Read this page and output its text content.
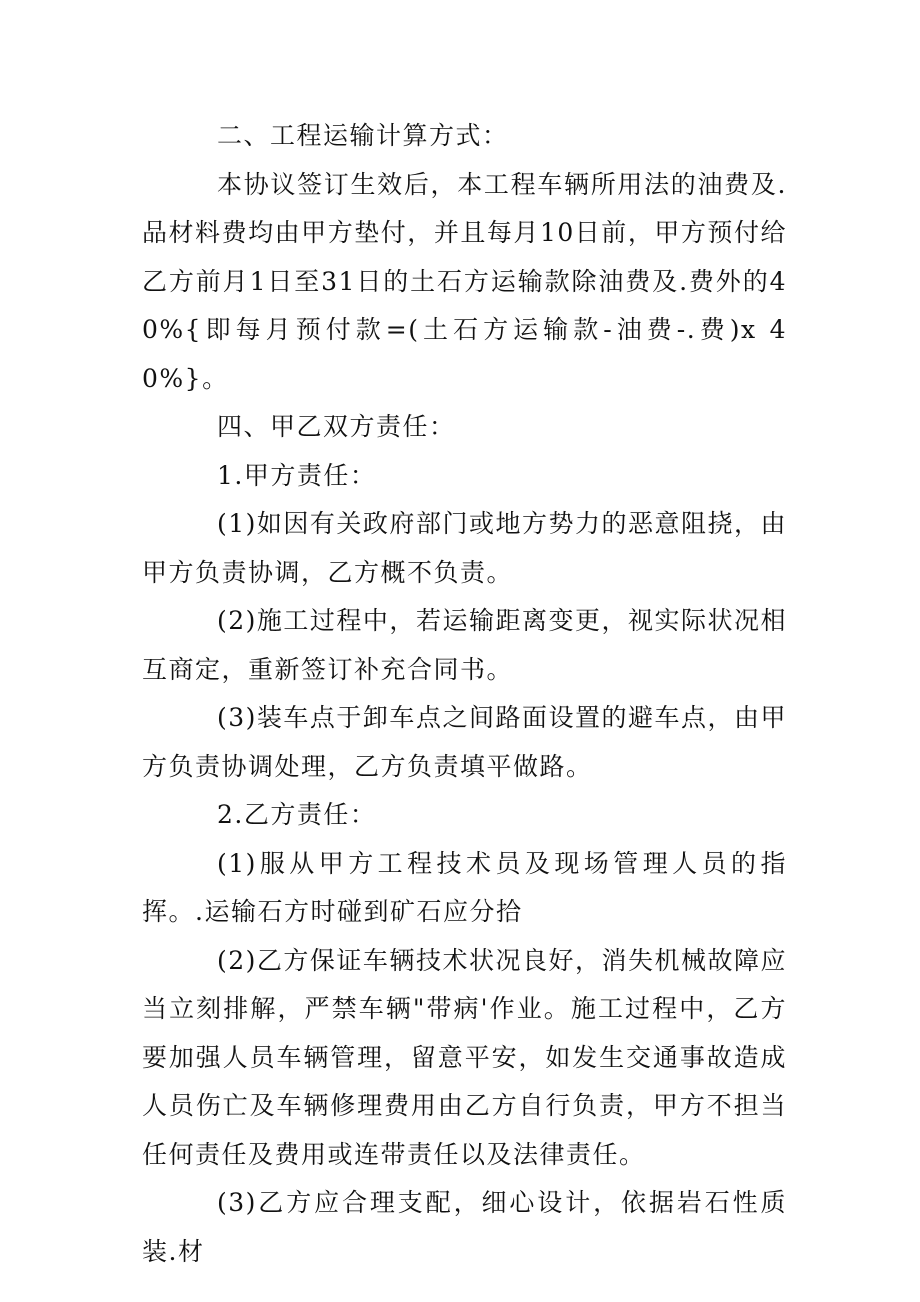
二、工程运输计算方式：

本协议签订生效后，本工程车辆所用法的油费及.品材料费均由甲方垫付，并且每月10日前，甲方预付给乙方前月1日至31日的土石方运输款除油费及.费外的40%{即每月预付款=(土石方运输款-油费-.费)x 40%}。

四、甲乙双方责任：

1.甲方责任：

(1)如因有关政府部门或地方势力的恶意阻挠，由甲方负责协调，乙方概不负责。

(2)施工过程中，若运输距离变更，视实际状况相互商定，重新签订补充合同书。

(3)装车点于卸车点之间路面设置的避车点，由甲方负责协调处理，乙方负责填平做路。

2.乙方责任：

(1)服从甲方工程技术员及现场管理人员的指挥。.运输石方时碰到矿石应分拾

(2)乙方保证车辆技术状况良好，消失机械故障应当立刻排解，严禁车辆"带病'作业。施工过程中，乙方要加强人员车辆管理，留意平安，如发生交通事故造成人员伤亡及车辆修理费用由乙方自行负责，甲方不担当任何责任及费用或连带责任以及法律责任。

(3)乙方应合理支配，细心设计，依据岩石性质装.材
